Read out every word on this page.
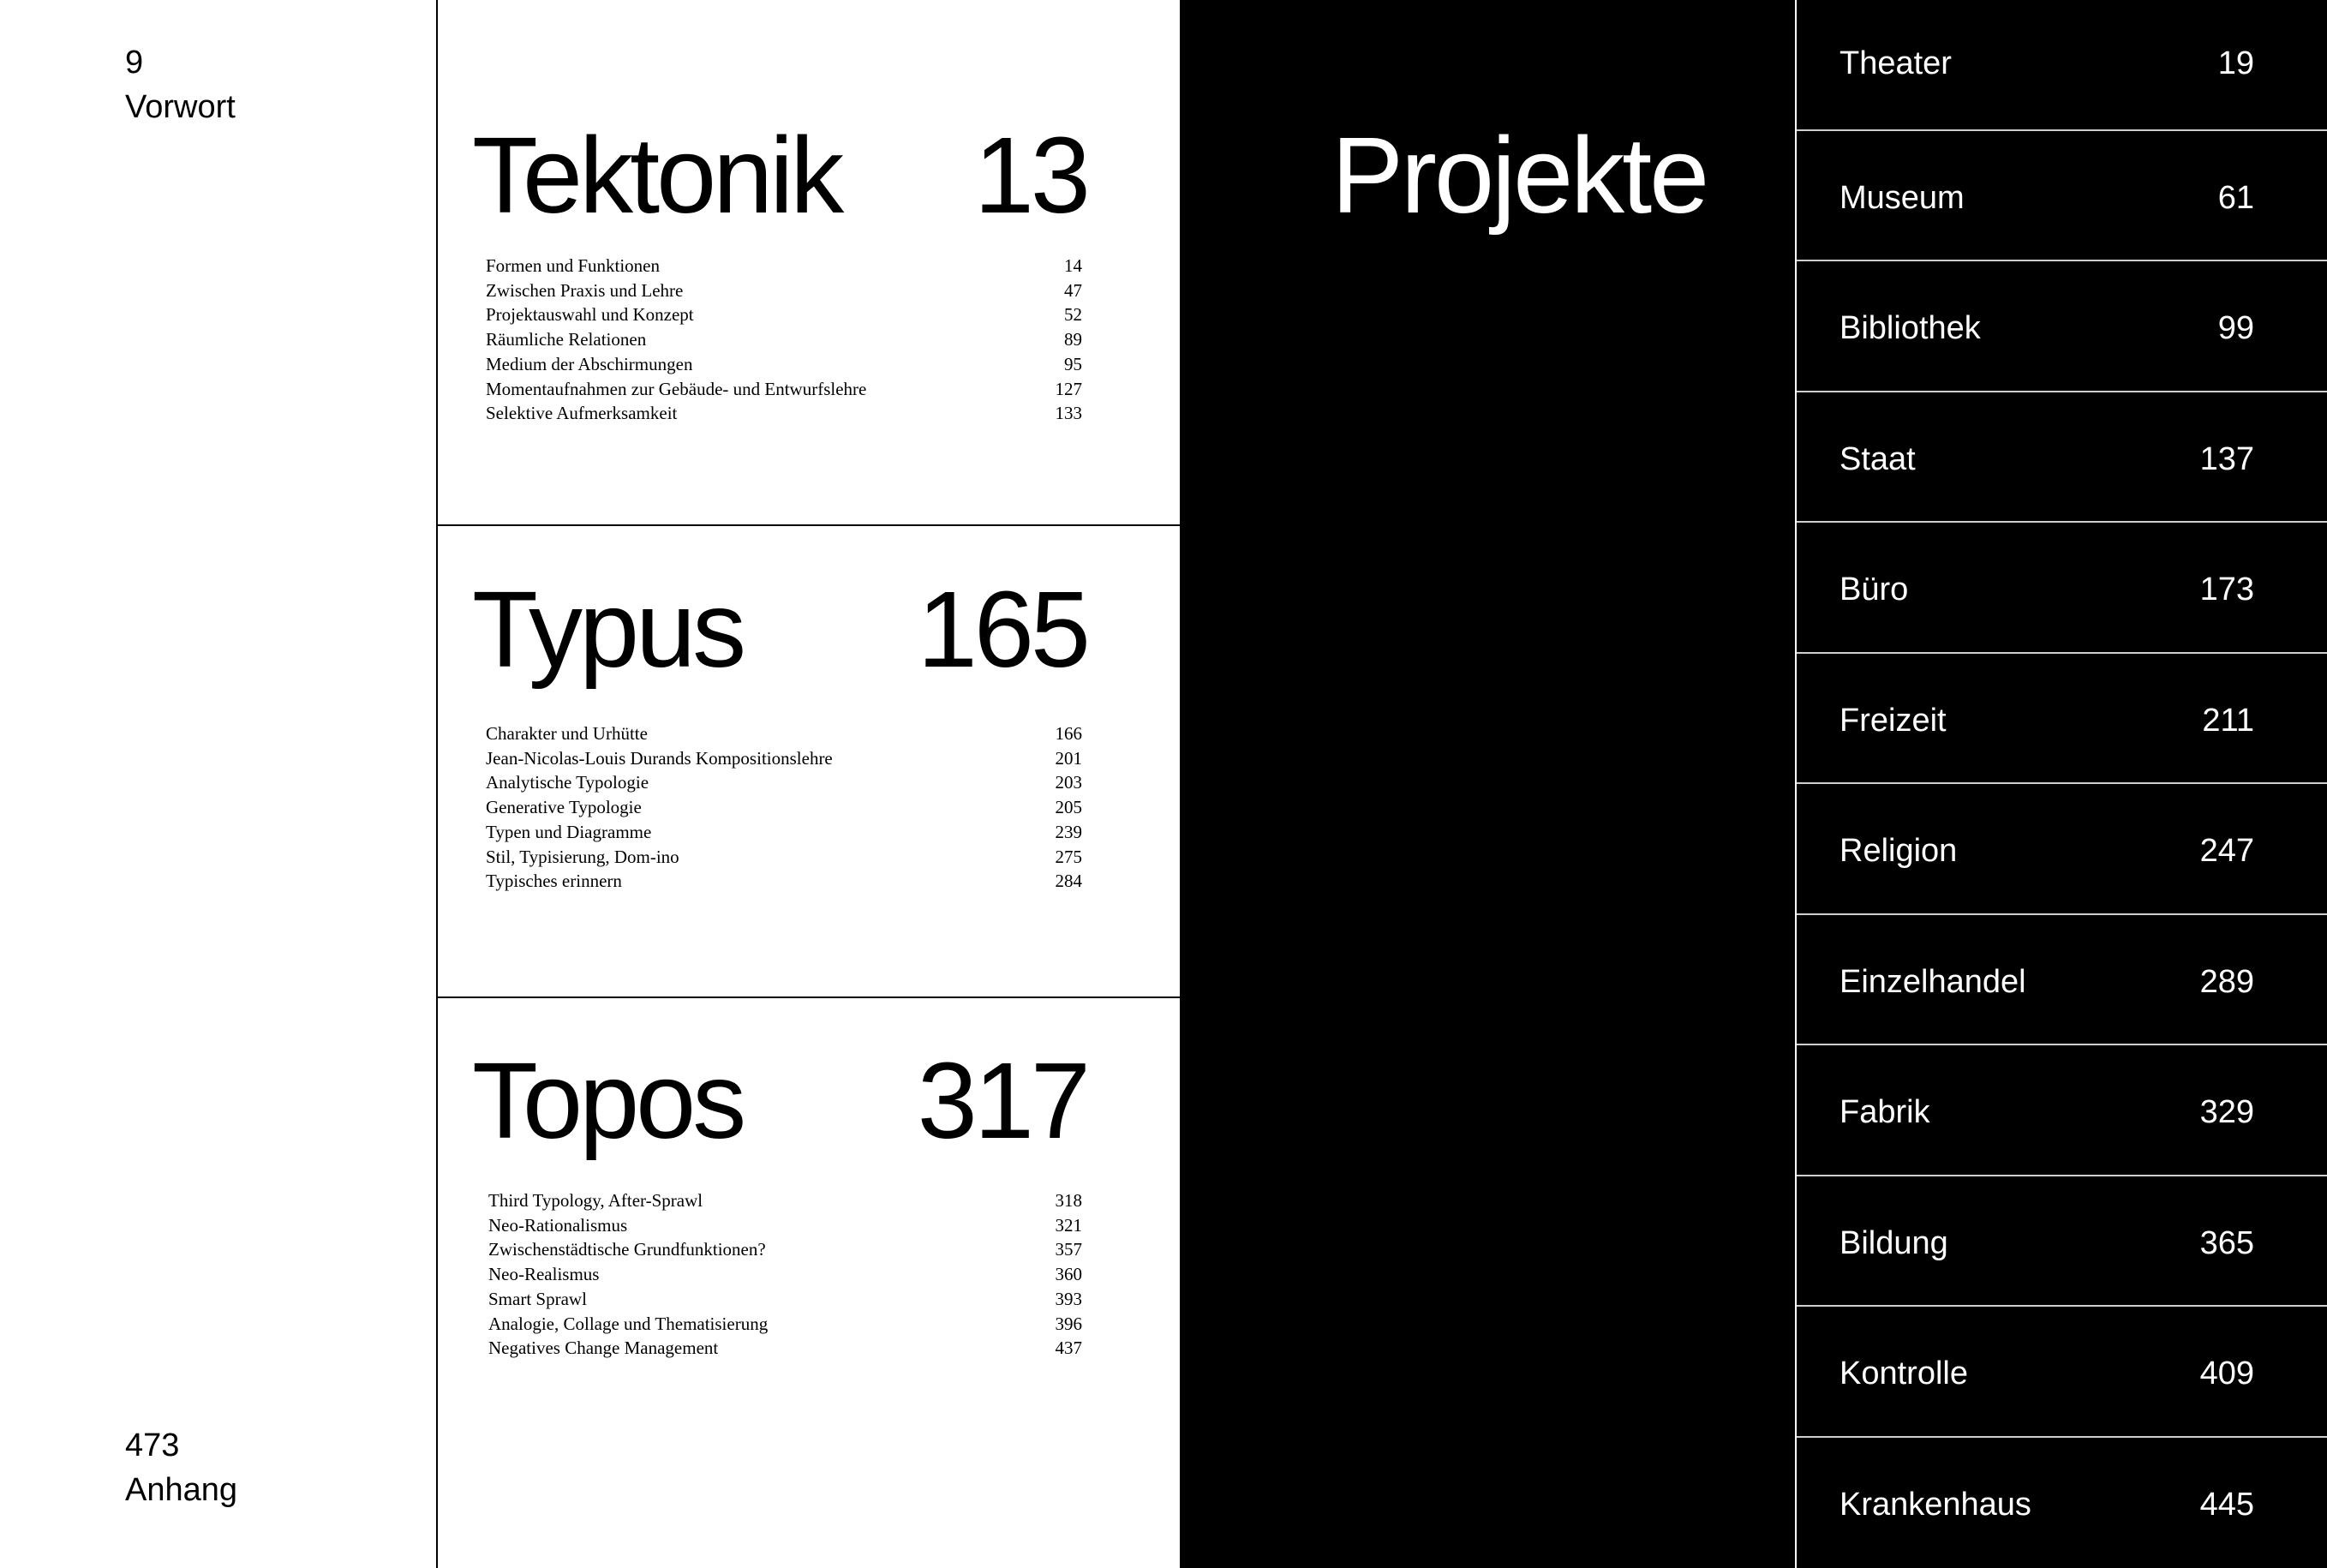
9
Vorwort
473
Anhang
Tektonik 13
Formen und Funktionen	14
Zwischen Praxis und Lehre	47
Projektauswahl und Konzept	52
Räumliche Relationen	89
Medium der Abschirmungen	95
Momentaufnahmen zur Gebäude- und Entwurfslehre	127
Selektive Aufmerksamkeit	133
Typus 165
Charakter und Urhütte	166
Jean-Nicolas-Louis Durands Kompositionslehre	201
Analytische Typologie	203
Generative Typologie	205
Typen und Diagramme	239
Stil, Typisierung, Dom-ino	275
Typisches erinnern	284
Topos 317
Third Typology, After-Sprawl	318
Neo-Rationalismus	321
Zwischenstädtische Grundfunktionen?	357
Neo-Realismus	360
Smart Sprawl	393
Analogie, Collage und Thematisierung	396
Negatives Change Management	437
Projekte
Theater	19
Museum	61
Bibliothek	99
Staat	137
Büro	173
Freizeit	211
Religion	247
Einzelhandel	289
Fabrik	329
Bildung	365
Kontrolle	409
Krankenhaus	445
